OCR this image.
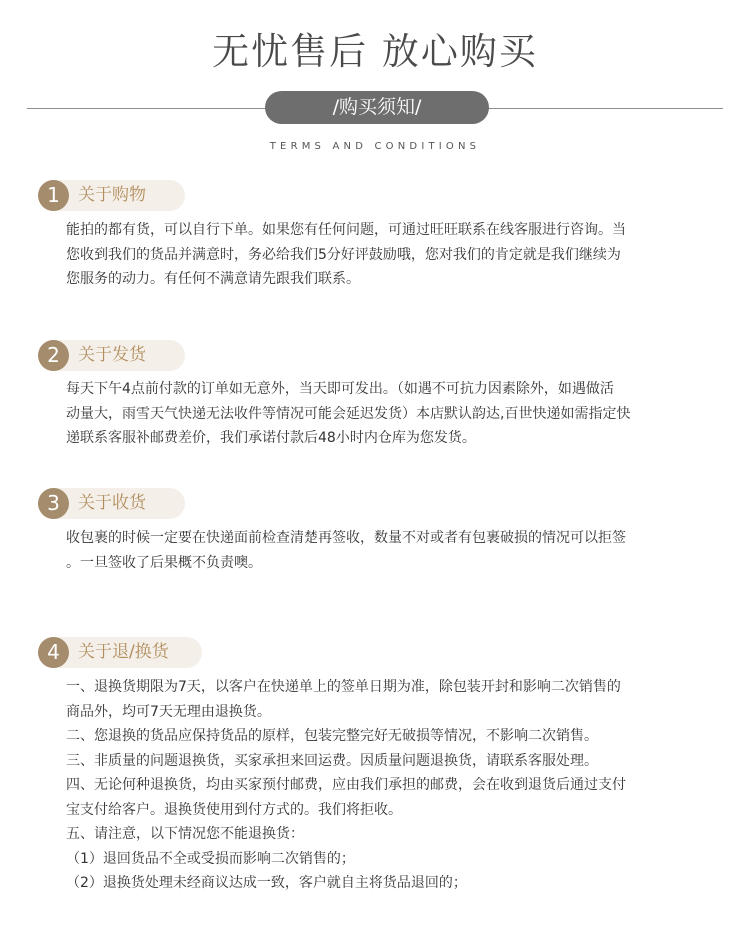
无忧售后 放心购买
/购买须知/
TERMS AND CONDITIONS
1	关于购物
能拍的都有货，可以自行下单。如果您有任何问题，可通过旺旺联系在线客服进行咨询。当
您收到我们的货品并满意时，务必给我们5分好评鼓励哦，您对我们的肯定就是我们继续为
您服务的动力。有任何不满意请先跟我们联系。
2	关于发货
每天下午4点前付款的订单如无意外，当天即可发出。（如遇不可抗力因素除外，如遇做活
动量大，雨雪天气快递无法收件等情况可能会延迟发货）本店默认韵达,百世快递如需指定快
递联系客服补邮费差价，我们承诺付款后48小时内仓库为您发货。
3	关于收货
收包裹的时候一定要在快递面前检查清楚再签收，数量不对或者有包裹破损的情况可以拒签
。一旦签收了后果概不负责噢。
4	关于退/换货
一、退换货期限为7天，以客户在快递单上的签单日期为准，除包装开封和影响二次销售的
商品外，均可7天无理由退换货。
二、您退换的货品应保持货品的原样，包装完整完好无破损等情况，不影响二次销售。
三、非质量的问题退换货，买家承担来回运费。因质量问题退换货，请联系客服处理。
四、无论何种退换货，均由买家预付邮费，应由我们承担的邮费，会在收到退货后通过支付
宝支付给客户。退换货使用到付方式的。我们将拒收。
五、请注意，以下情况您不能退换货：
（1）退回货品不全或受损而影响二次销售的；
（2）退换货处理未经商议达成一致，客户就自主将货品退回的；
